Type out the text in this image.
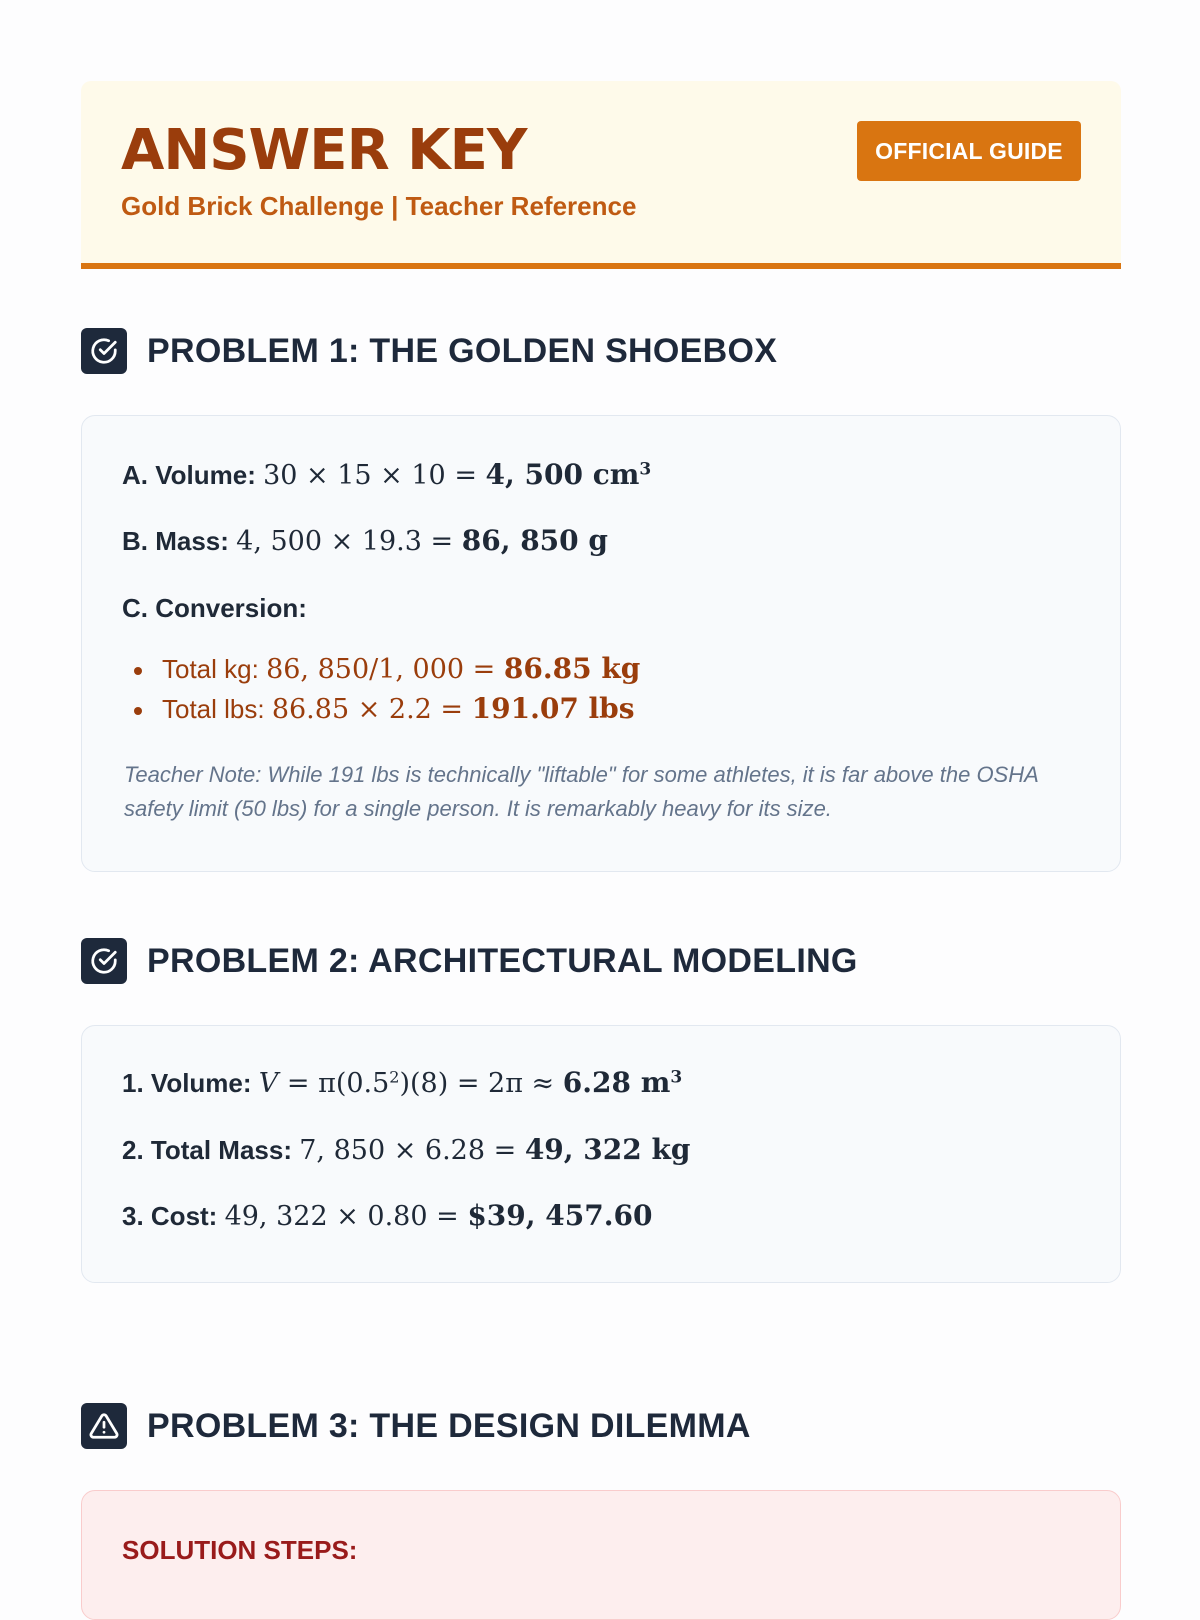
ANSWER KEY
Gold Brick Challenge | Teacher Reference
OFFICIAL GUIDE
PROBLEM 1: THE GOLDEN SHOEBOX
A. Volume: 30 × 15 × 10 = 4, 500 $cm^3$
B. Mass: 4, 500 × 19.3 = 86, 850 g
C. Conversion:
Total kg: 86, 850/1, 000 = 86.85 kg
Total lbs: 86.85 × 2.2 = 191.07 lbs
Teacher Note: While 191 lbs is technically "liftable" for some athletes, it is far above the OSHA safety limit (50 lbs) for a single person. It is remarkably heavy for its size.
PROBLEM 2: ARCHITECTURAL MODELING
1. Volume: $V = \pi(0.5^2)(8) = 2\pi \approx 6.28$ $m^3$
2. Total Mass: 7, 850 × 6.28 = 49, 322 kg
3. Cost: 49, 322 × 0.80 = $39, 457.60
PROBLEM 3: THE DESIGN DILEMMA
SOLUTION STEPS:
